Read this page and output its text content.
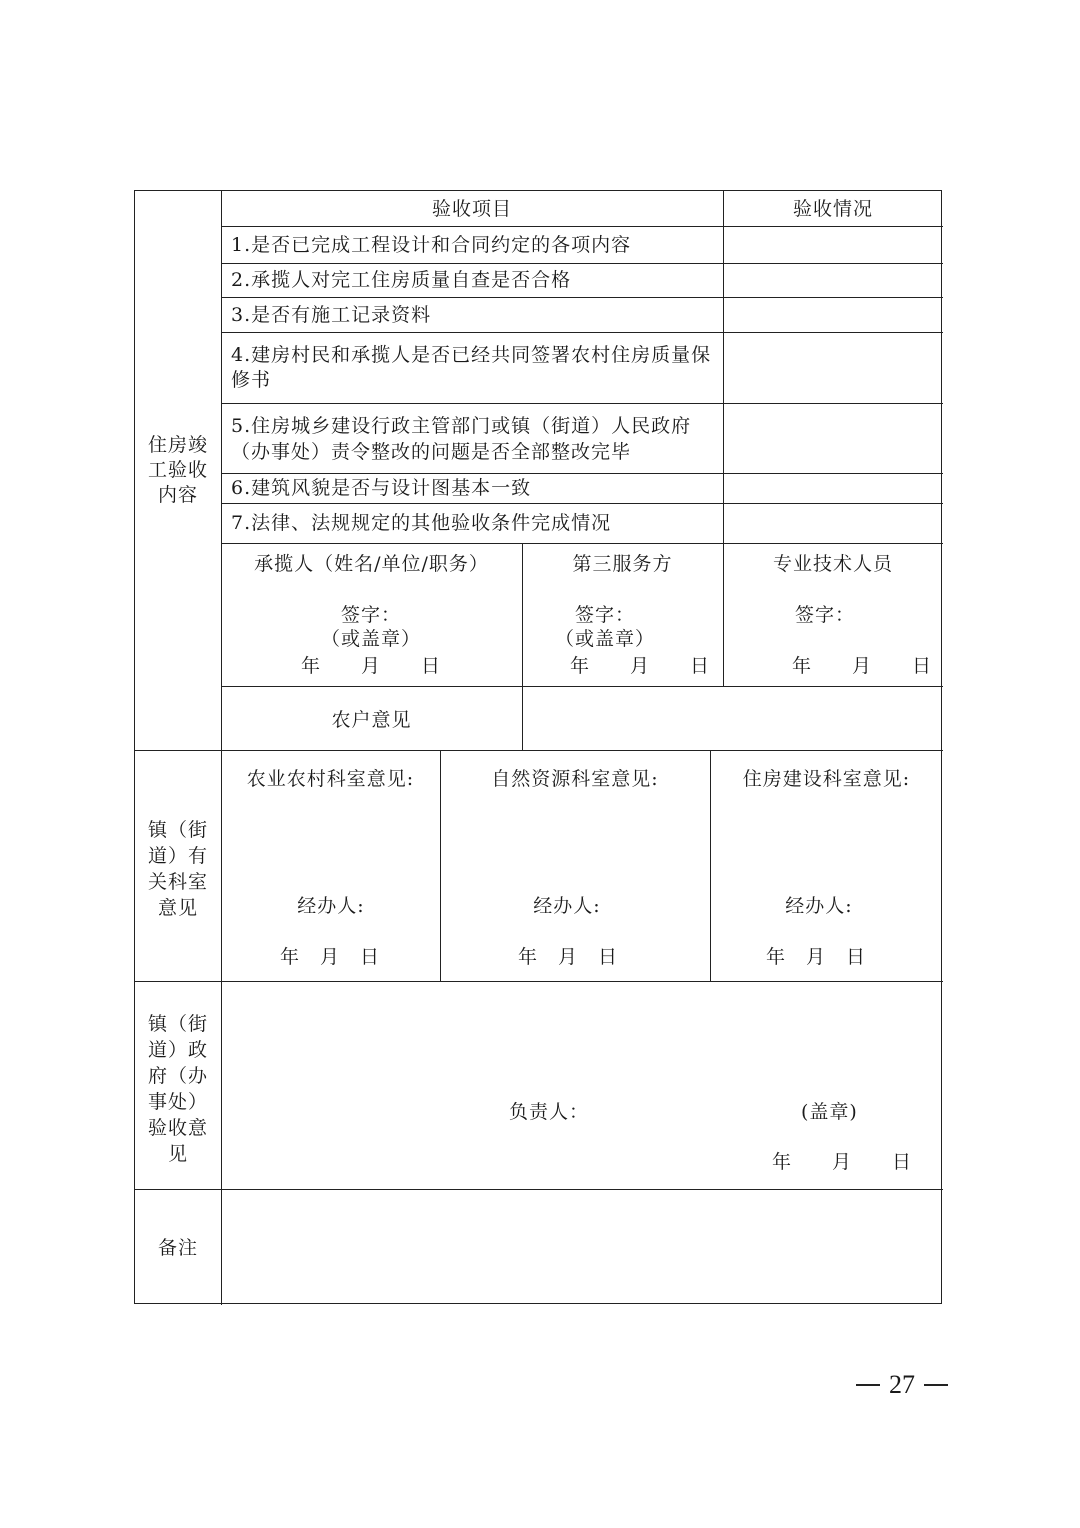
住房竣工验收内容
验收项目	验收情况
1.是否已完成工程设计和合同约定的各项内容
2.承揽人对完工住房质量自查是否合格
3.是否有施工记录资料
4.建房村民和承揽人是否已经共同签署农村住房质量保修书
5.住房城乡建设行政主管部门或镇（街道）人民政府（办事处）责令整改的问题是否全部整改完毕
6.建筑风貌是否与设计图基本一致
7.法律、法规规定的其他验收条件完成情况
承揽人（姓名/单位/职务）
签字：
（或盖章）
年　　月　　日
第三服务方
签字：
（或盖章）
年　　月　　日
专业技术人员
签字：
年　　月　　日
农户意见
镇（街道）有关科室意见
农业农村科室意见:
经办人:
年　月　日
自然资源科室意见:
经办人:
年　月　日
住房建设科室意见:
经办人:
年　月　日
镇（街道）政府（办事处）验收意见
负责人：	(盖章)
年　　月　　日
备注
27
